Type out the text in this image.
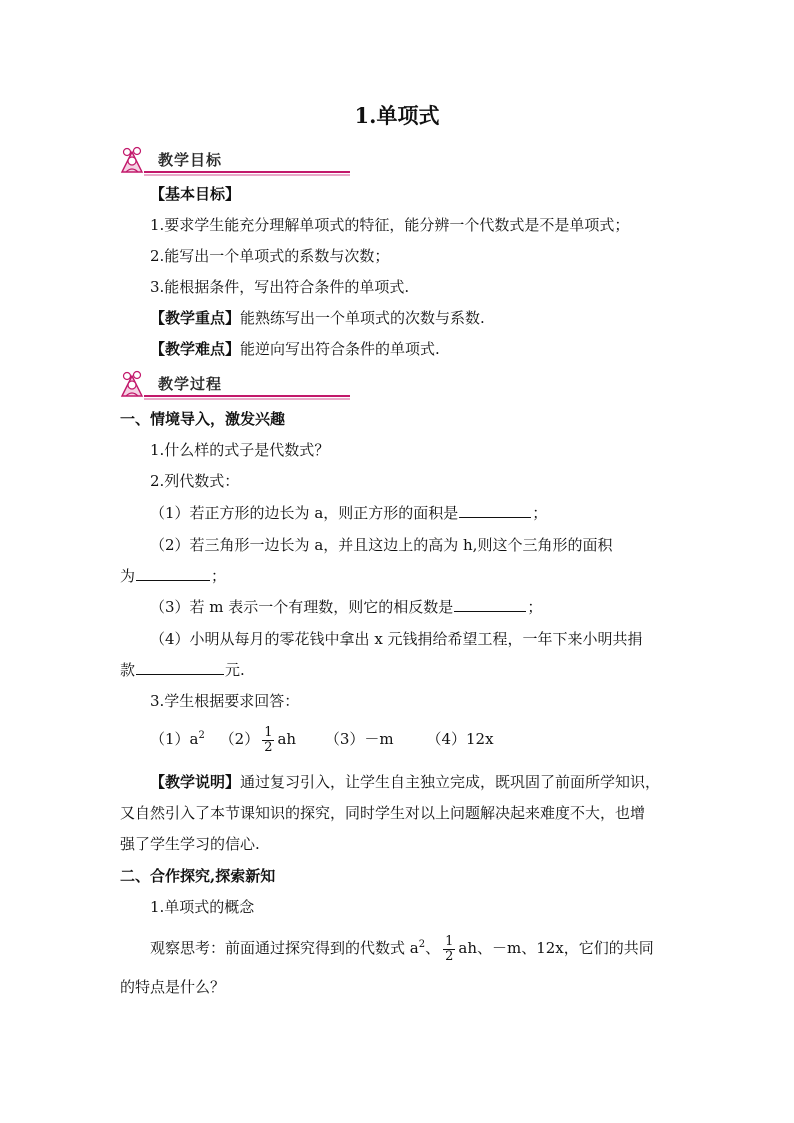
1.单项式
教学目标
【基本目标】
1.要求学生能充分理解单项式的特征，能分辨一个代数式是不是单项式；
2.能写出一个单项式的系数与次数；
3.能根据条件，写出符合条件的单项式.
【教学重点】能熟练写出一个单项式的次数与系数.
【教学难点】能逆向写出符合条件的单项式.
教学过程
一、情境导入，激发兴趣
1.什么样的式子是代数式？
2.列代数式：
（1）若正方形的边长为 a，则正方形的面积是	；
（2）若三角形一边长为 a，并且这边上的高为 h,则这个三角形的面积
为	；
（3）若 m 表示一个有理数，则它的相反数是	；
（4）小明从每月的零花钱中拿出 x 元钱捐给希望工程，一年下来小明共捐
款	元.
3.学生根据要求回答：
$(1)a^2$ $(2) \frac{1}{2}$ ah （3）－m （4）12x
【教学说明】通过复习引入，让学生自主独立完成，既巩固了前面所学知识，
又自然引入了本节课知识的探究，同时学生对以上问题解决起来难度不大，也增
强了学生学习的信心.
二、合作探究,探索新知
1.单项式的概念
观察思考：前面通过探究得到的代数式 $a^2$、 $\frac{1}{2}$ ah、－m、12x，它们的共同
的特点是什么？
